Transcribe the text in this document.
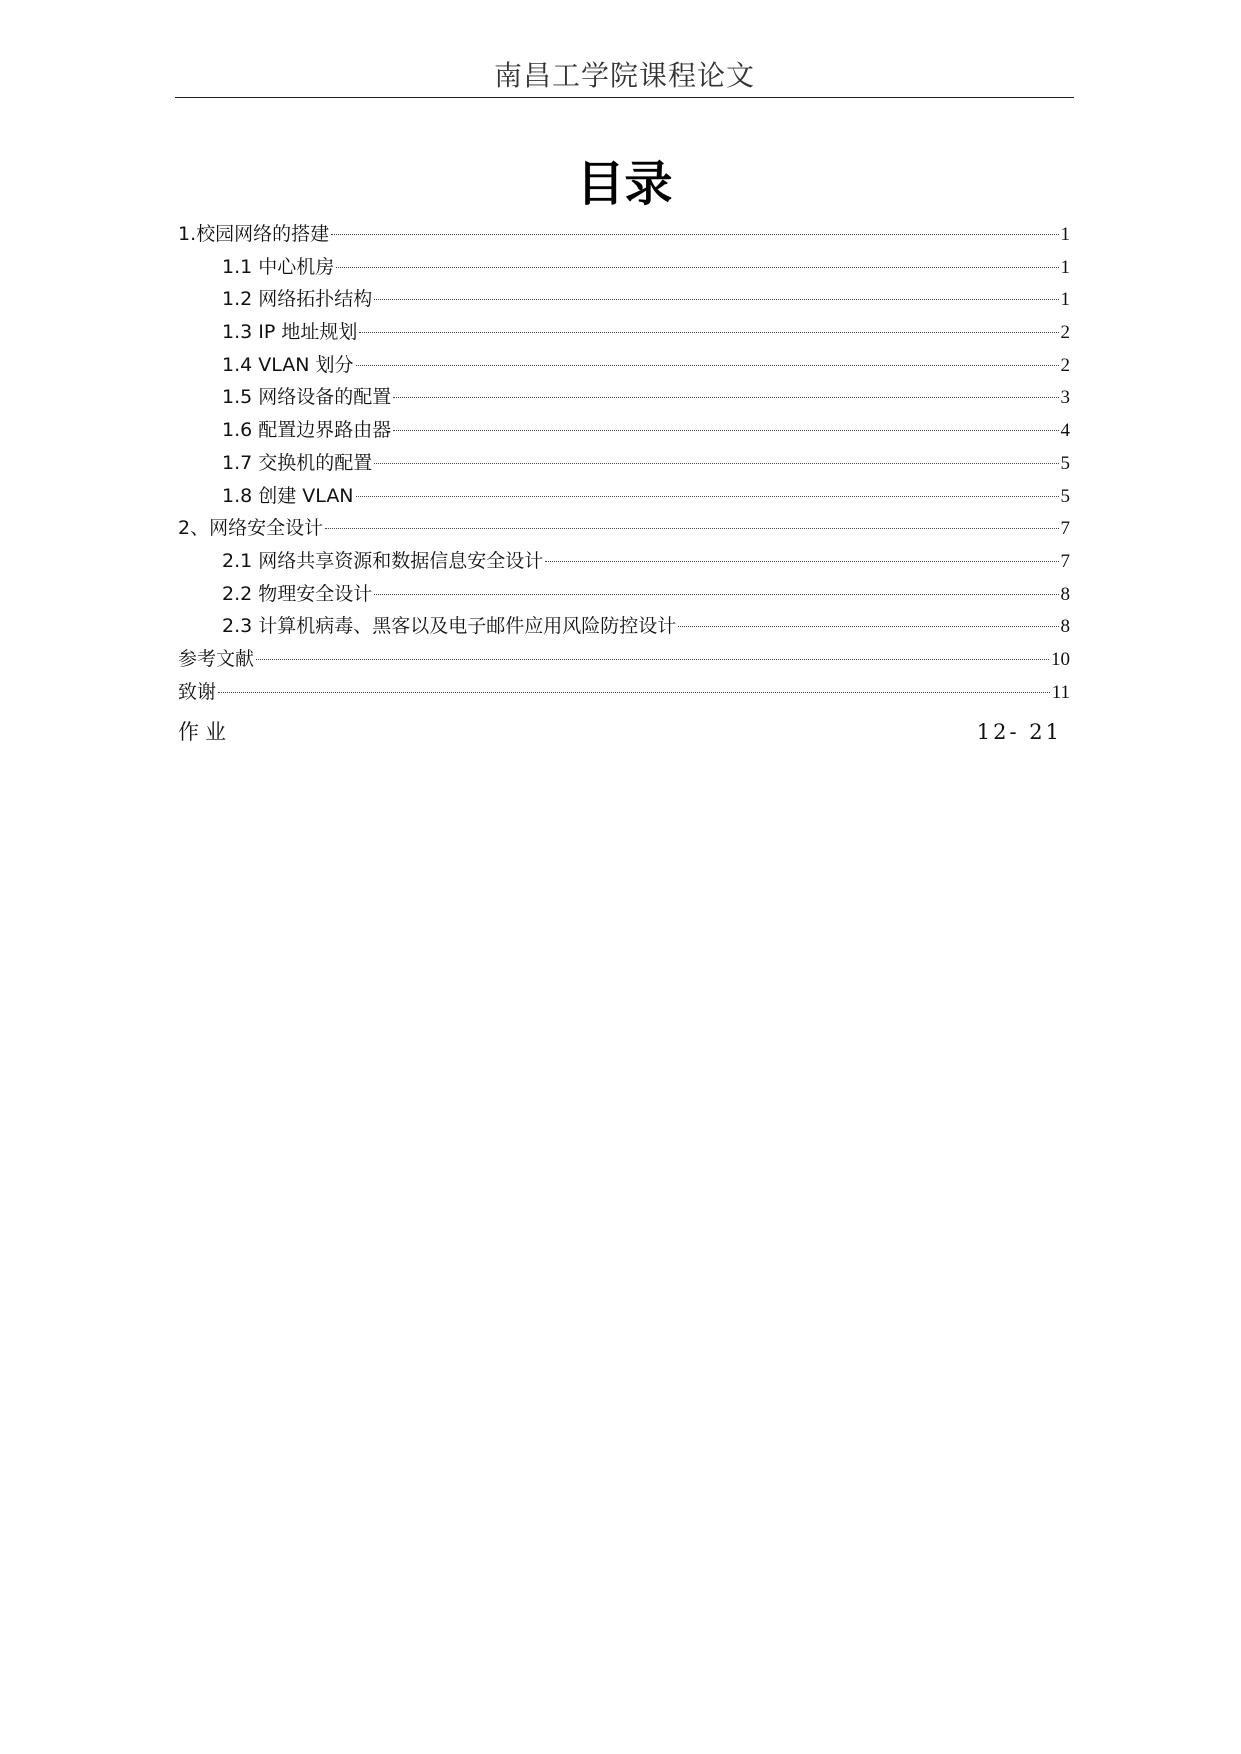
南昌工学院课程论文
目录
1.校园网络的搭建	1
1.1 中心机房	1
1.2 网络拓扑结构	1
1.3 IP 地址规划	2
1.4 VLAN 划分	2
1.5 网络设备的配置	3
1.6 配置边界路由器	4
1.7 交换机的配置	5
1.8 创建 VLAN	5
2、网络安全设计	7
2.1 网络共享资源和数据信息安全设计	7
2.2 物理安全设计	8
2.3 计算机病毒、黑客以及电子邮件应用风险防控设计	8
参考文献	10
致谢	11
作业	12- 21
